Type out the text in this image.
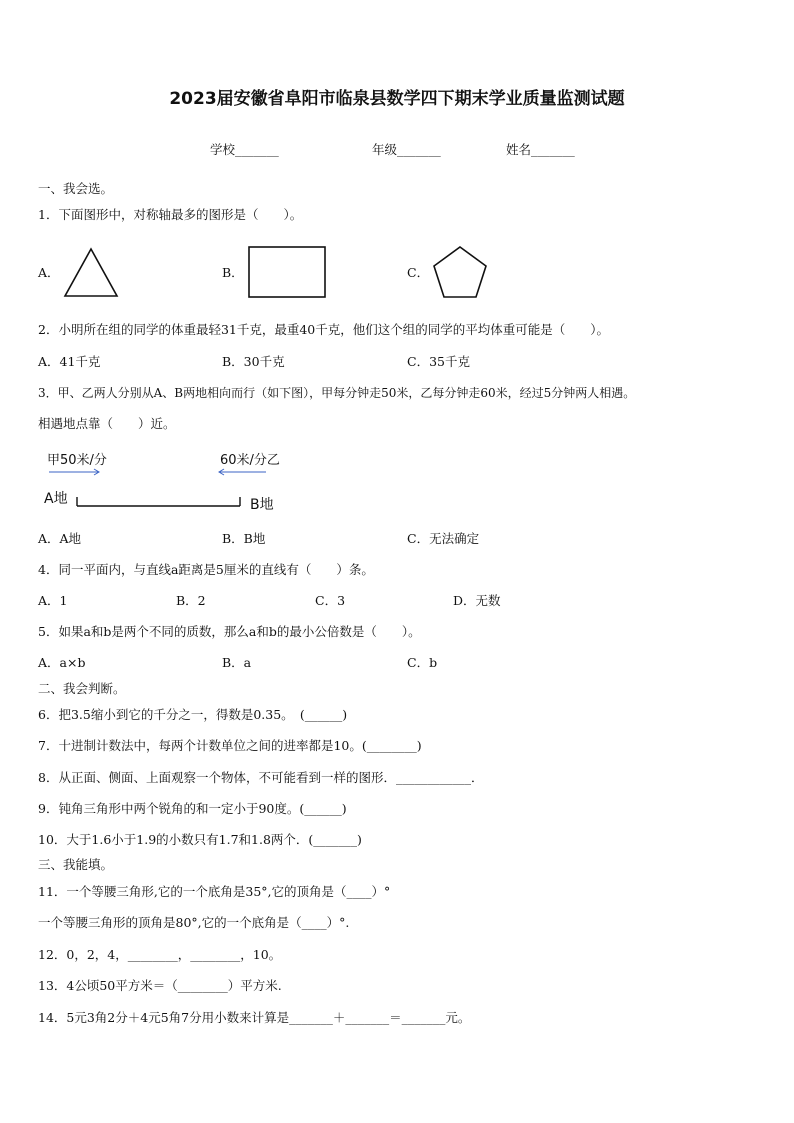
2023届安徽省阜阳市临泉县数学四下期末学业质量监测试题
学校_______	年级_______	姓名_______
一、我会选。
1．下面图形中，对称轴最多的图形是（　　）。
A．	B．	C．
2．小明所在组的同学的体重最轻31千克，最重40千克，他们这个组的同学的平均体重可能是（　　）。
A．41千克	B．30千克	C．35千克
3．甲、乙两人分别从A、B两地相向而行（如下图），甲每分钟走50米，乙每分钟走60米，经过5分钟两人相遇。
相遇地点靠（　　）近。
甲50米/分	60米/分乙
A地	B地
A．A地	B．B地	C．无法确定
4．同一平面内，与直线a距离是5厘米的直线有（　　）条。
A．1	B．2	C．3	D．无数
5．如果a和b是两个不同的质数，那么a和b的最小公倍数是（　　）。
A．a×b	B．a	C．b
二、我会判断。
6．把3.5缩小到它的千分之一，得数是0.35。　(______)
7．十进制计数法中，每两个计数单位之间的进率都是10。(________)
8．从正面、侧面、上面观察一个物体，不可能看到一样的图形．____________．
9．钝角三角形中两个锐角的和一定小于90度。(______)
10．大于1.6小于1.9的小数只有1.7和1.8两个．(_______)
三、我能填。
11．一个等腰三角形,它的一个底角是35°,它的顶角是（____）°
一个等腰三角形的顶角是80°,它的一个底角是（____）°.
12．0，2，4，________，________，10。
13．4公顷50平方米＝（________）平方米.
14．5元3角2分＋4元5角7分用小数来计算是_______＋_______＝_______元。
